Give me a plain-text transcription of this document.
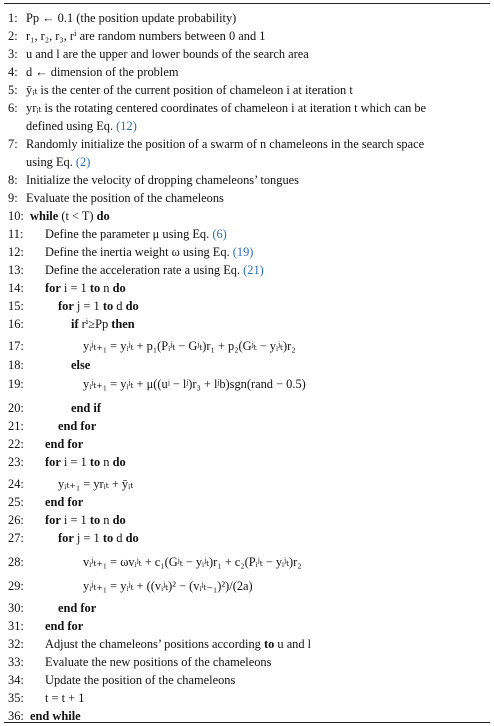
1: Pp ← 0.1 (the position update probability)
2: r₁, r₂, r₃, rⁱ are random numbers between 0 and 1
3: u and l are the upper and lower bounds of the search area
4: d ← dimension of the problem
5: ȳᵢₜ is the center of the current position of chameleon i at iteration t
6: yrᵢₜ is the rotating centered coordinates of chameleon i at iteration t which can be
defined using Eq. (12)
7: Randomly initialize the position of a swarm of n chameleons in the search space
using Eq. (2)
8: Initialize the velocity of dropping chameleons’ tongues
9: Evaluate the position of the chameleons
10: while (t < T) do
11: Define the parameter μ using Eq. (6)
12: Define the inertia weight ω using Eq. (19)
13: Define the acceleration rate a using Eq. (21)
14: for i = 1 to n do
15:	for j = 1 to d do
16:	if rⁱ≥Pp then
17:	yᵢʲₜ₊₁ = yᵢʲₜ + p₁(Pᵢʲₜ − Gʲₜ)r₁ + p₂(Gʲₜ − yᵢʲₜ)r₂
18:	else
19:	yᵢʲₜ₊₁ = yᵢʲₜ + μ((uʲ − lʲ)r₃ + lʲb)sgn(rand − 0.5)
20:	end if
21:	end for
22: end for
23: for i = 1 to n do
24:	yᵢₜ₊₁ = yrᵢₜ + ȳᵢₜ
25: end for
26: for i = 1 to n do
27:	for j = 1 to d do
28:	vᵢʲₜ₊₁ = ωvᵢʲₜ + c₁(Gʲₜ − yᵢʲₜ)r₁ + c₂(Pᵢʲₜ − yᵢʲₜ)r₂
29:	yᵢʲₜ₊₁ = yᵢʲₜ + ((vᵢʲₜ)² − (vᵢʲₜ₋₁)²)/(2a)
30:	end for
31: end for
32: Adjust the chameleons’ positions according to u and l
33: Evaluate the new positions of the chameleons
34: Update the position of the chameleons
35: t = t + 1
36: end while
